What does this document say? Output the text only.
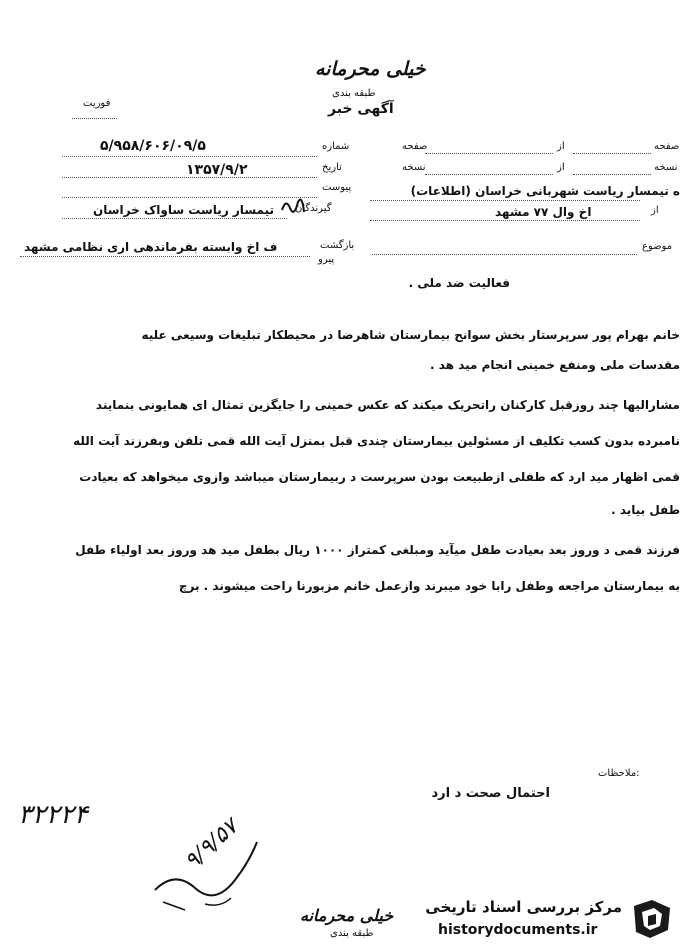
خیلی محرمانه
طبقه بندی
فوریت	آگهی خبر
صفحه
از
نسخه
از
صفحه
نسخه
شماره
۵/۹۵۸/۶۰۶/۰۹/۵
تاریخ
۱۳۵۷/۹/۲
پیوست
گیرندگان
تیمسار ریاست ساواک خراسان
ه تیمسار ریاست شهربانی خراسان (اطلاعات)
از
اخ وال ۷۷ مشهد
موضوع
بازگشت
پیرو
ف اخ وابسته بفرماندهی اری نظامی مشهد
فعالیت ضد ملی .
خانم بهرام پور سرپرستار بخش سوانح بیمارستان شاهرضا در محیطکار تبلیغات وسیعی علیه
مقدسات ملی ومنفع خمینی انجام مید هد .
مشارالیها چند روزقبل کارکنان راتحریک میکند که عکس خمینی را جایگزین تمثال ای همایونی بنمایند
نامبرده بدون کسب تکلیف از مسئولین بیمارستان چندی قبل بمنزل آیت الله قمی تلفن وبفرزند آیت الله
قمی اظهار مید ارد که طفلی ازطبیعت بودن سرپرست د ربیمارستان میباشد وازوی میخواهد که بعیادت
طفل بیاید .
فرزند قمی د وروز بعد بعیادت طفل میآید ومبلغی کمتراز ۱۰۰۰ ریال بطفل مید هد وروز بعد اولیاء طفل
به بیمارستان مراجعه وطفل رابا خود میبرند وازعمل خانم مزبورنا راحت میشوند . برچ
ملاحظات:
احتمال صحت د ارد
۳۲۲۲۴	۹/۹/۵۷
خیلی محرمانه
طبقه بندی
مرکز بررسی اسناد تاریخی
historydocuments.ir
